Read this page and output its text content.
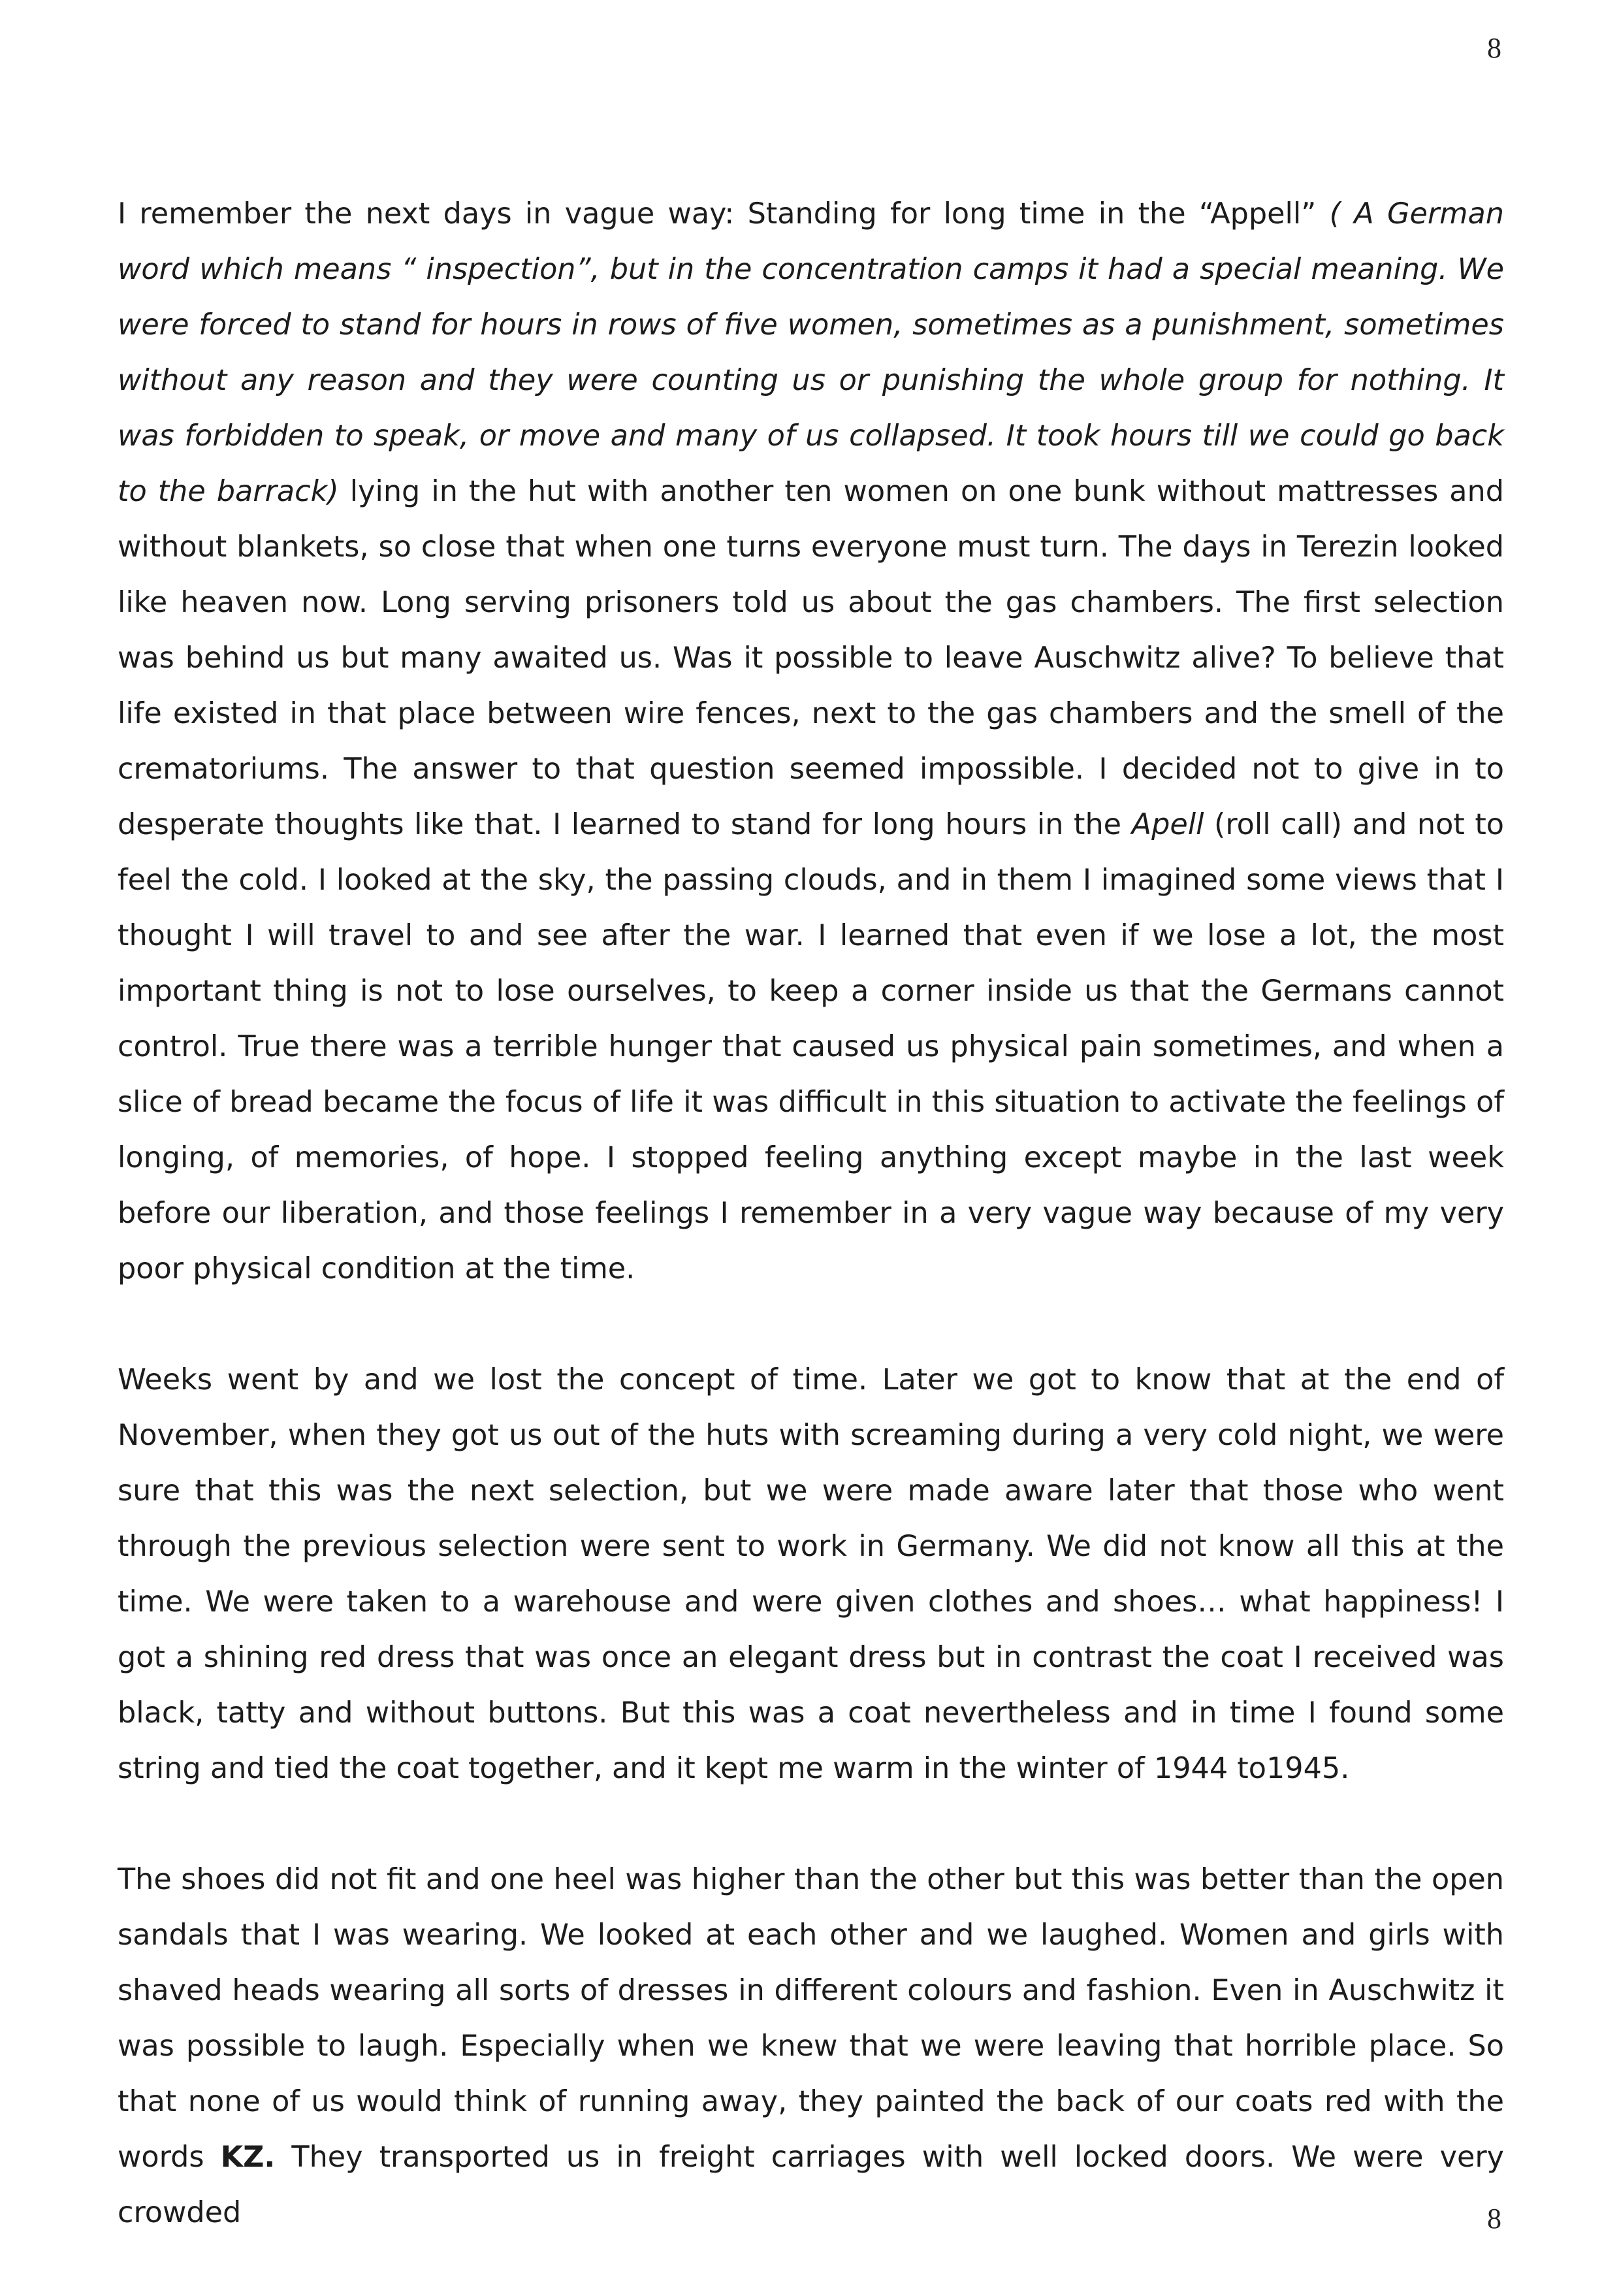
8

I remember the next days in vague way: Standing for long time in the “Appell” ( A German word which means “ inspection”, but in the concentration camps it had a special meaning. We were forced to stand for hours in rows of five women, sometimes as a punishment, sometimes without any reason and they were counting us or punishing the whole group for nothing. It was forbidden to speak, or move and many of us collapsed. It took hours till we could go back to the barrack) lying in the hut with another ten women on one bunk without mattresses and without blankets, so close that when one turns everyone must turn. The days in Terezin looked like heaven now. Long serving prisoners told us about the gas chambers. The first selection was behind us but many awaited us. Was it possible to leave Auschwitz alive? To believe that life existed in that place between wire fences, next to the gas chambers and the smell of the crematoriums. The answer to that question seemed impossible. I decided not to give in to desperate thoughts like that. I learned to stand for long hours in the Apell (roll call) and not to feel the cold. I looked at the sky, the passing clouds, and in them I imagined some views that I thought I will travel to and see after the war. I learned that even if we lose a lot, the most important thing is not to lose ourselves, to keep a corner inside us that the Germans cannot control. True there was a terrible hunger that caused us physical pain sometimes, and when a slice of bread became the focus of life it was difficult in this situation to activate the feelings of longing, of memories, of hope. I stopped feeling anything except maybe in the last week before our liberation, and those feelings I remember in a very vague way because of my very poor physical condition at the time.

Weeks went by and we lost the concept of time. Later we got to know that at the end of November, when they got us out of the huts with screaming during a very cold night, we were sure that this was the next selection, but we were made aware later that those who went through the previous selection were sent to work in Germany. We did not know all this at the time. We were taken to a warehouse and were given clothes and shoes… what happiness! I got a shining red dress that was once an elegant dress but in contrast the coat I received was black, tatty and without buttons. But this was a coat nevertheless and in time I found some string and tied the coat together, and it kept me warm in the winter of 1944 to1945.

The shoes did not fit and one heel was higher than the other but this was better than the open sandals that I was wearing. We looked at each other and we laughed. Women and girls with shaved heads wearing all sorts of dresses in different colours and fashion. Even in Auschwitz it was possible to laugh. Especially when we knew that we were leaving that horrible place. So that none of us would think of running away, they painted the back of our coats red with the words KZ. They transported us in freight carriages with well locked doors. We were very crowded	8
